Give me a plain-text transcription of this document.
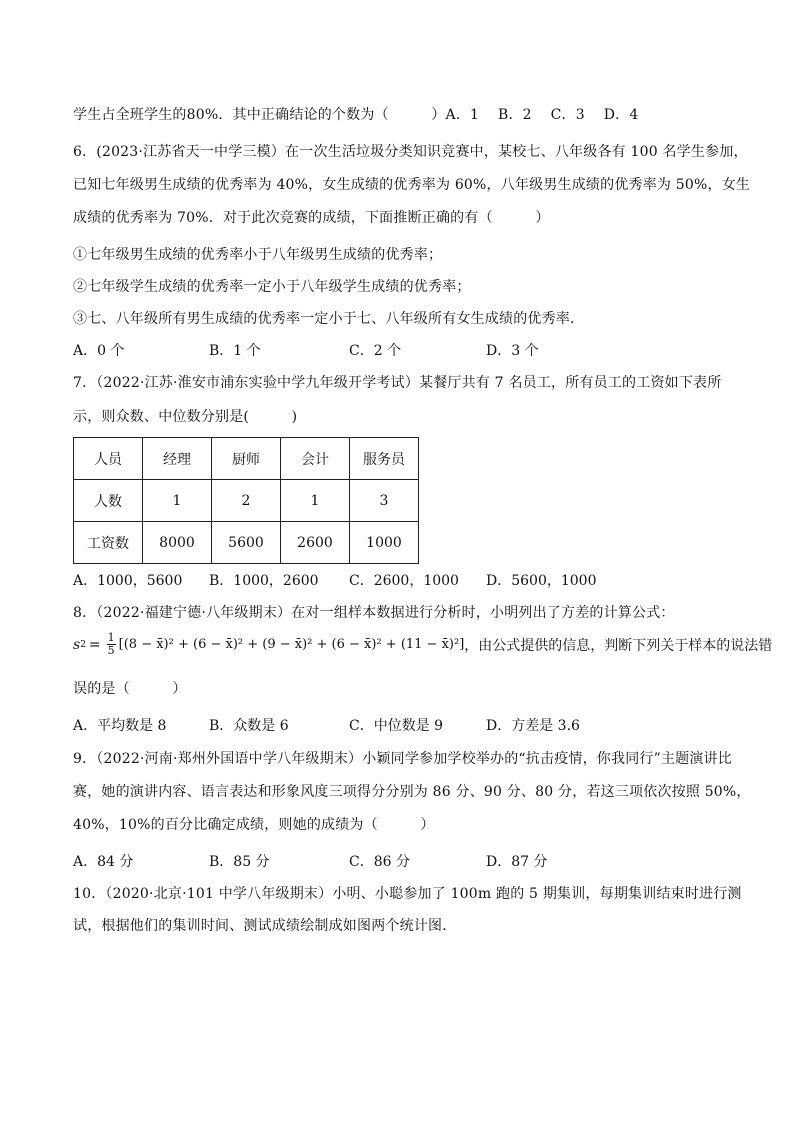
学生占全班学生的80%．其中正确结论的个数为（　　　）A．1　 B．2　 C．3　 D．4
6．(2023·江苏省天一中学三模）在一次生活垃圾分类知识竞赛中，某校七、八年级各有 100 名学生参加，
已知七年级男生成绩的优秀率为 40%，女生成绩的优秀率为 60%，八年级男生成绩的优秀率为 50%，女生
成绩的优秀率为 70%．对于此次竞赛的成绩，下面推断正确的有（　　　）
①七年级男生成绩的优秀率小于八年级男生成绩的优秀率；
②七年级学生成绩的优秀率一定小于八年级学生成绩的优秀率；
③七、八年级所有男生成绩的优秀率一定小于七、八年级所有女生成绩的优秀率．
A．0 个	B．1 个	C．2 个	D．3 个
7．（2022·江苏·淮安市浦东实验中学九年级开学考试）某餐厅共有 7 名员工，所有员工的工资如下表所
示，则众数、中位数分别是(　　　)
人员	经理	厨师	会计	服务员
人数	1	2	1	3
工资数	8000	5600	2600	1000
A．1000，5600 B．1000，2600 C．2600，1000 D．5600，1000
8．（2022·福建宁德·八年级期末）在对一组样本数据进行分析时，小明列出了方差的计算公式：
s $2 = \frac{1}{5} [(8$ − x̄)² + (6 − x̄)² + (9 − x̄)² + (6 − x̄)² + (11 − x̄)²] ，由公式提供的信息，判断下列关于样本的说法错
误的是（　　　）
A．平均数是 8	B．众数是 6	C．中位数是 9	D．方差是 3.6
9．（2022·河南·郑州外国语中学八年级期末）小颖同学参加学校举办的“抗击疫情，你我同行”主题演讲比
赛，她的演讲内容、语言表达和形象风度三项得分分别为 86 分、90 分、80 分，若这三项依次按照 50%，
40%，10%的百分比确定成绩，则她的成绩为（　　　）
A．84 分	B．85 分	C．86 分	D．87 分
10．（2020·北京·101 中学八年级期末）小明、小聪参加了 100m 跑的 5 期集训，每期集训结束时进行测
试，根据他们的集训时间、测试成绩绘制成如图两个统计图．
